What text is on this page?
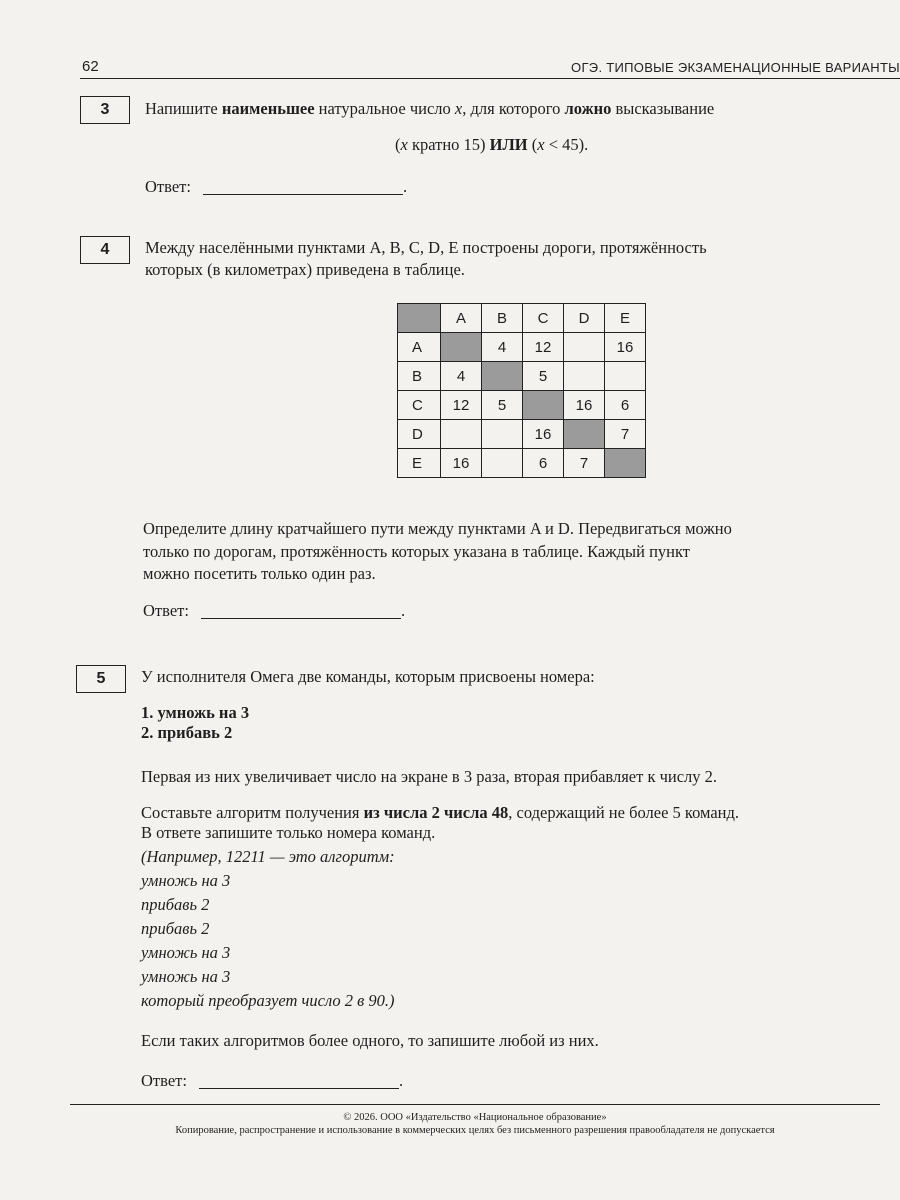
62	ОГЭ. ТИПОВЫЕ ЭКЗАМЕНАЦИОННЫЕ ВАРИАНТЫ
3	Напишите наименьшее натуральное число x, для которого ложно высказывание
(x кратно 15) ИЛИ (x < 45).
Ответ:	.
4	Между населёнными пунктами A, B, C, D, E построены дороги, протяжённость
которых (в километрах) приведена в таблице.
	A	B	C	D	E
A		4	12		16
B	4		5		
C	12	5		16	6
D			16		7
E	16		6	7	
Определите длину кратчайшего пути между пунктами A и D. Передвигаться можно
только по дорогам, протяжённость которых указана в таблице. Каждый пункт
можно посетить только один раз.
Ответ:	.
5	У исполнителя Омега две команды, которым присвоены номера:
1. умножь на 3
2. прибавь 2
Первая из них увеличивает число на экране в 3 раза, вторая прибавляет к числу 2.
Составьте алгоритм получения из числа 2 числа 48, содержащий не более 5 команд.
В ответе запишите только номера команд.
(Например, 12211 — это алгоритм:
умножь на 3
прибавь 2
прибавь 2
умножь на 3
умножь на 3
который преобразует число 2 в 90.)
Если таких алгоритмов более одного, то запишите любой из них.
Ответ:	.
© 2026. ООО «Издательство «Национальное образование»
Копирование, распространение и использование в коммерческих целях без письменного разрешения правообладателя не допускается
